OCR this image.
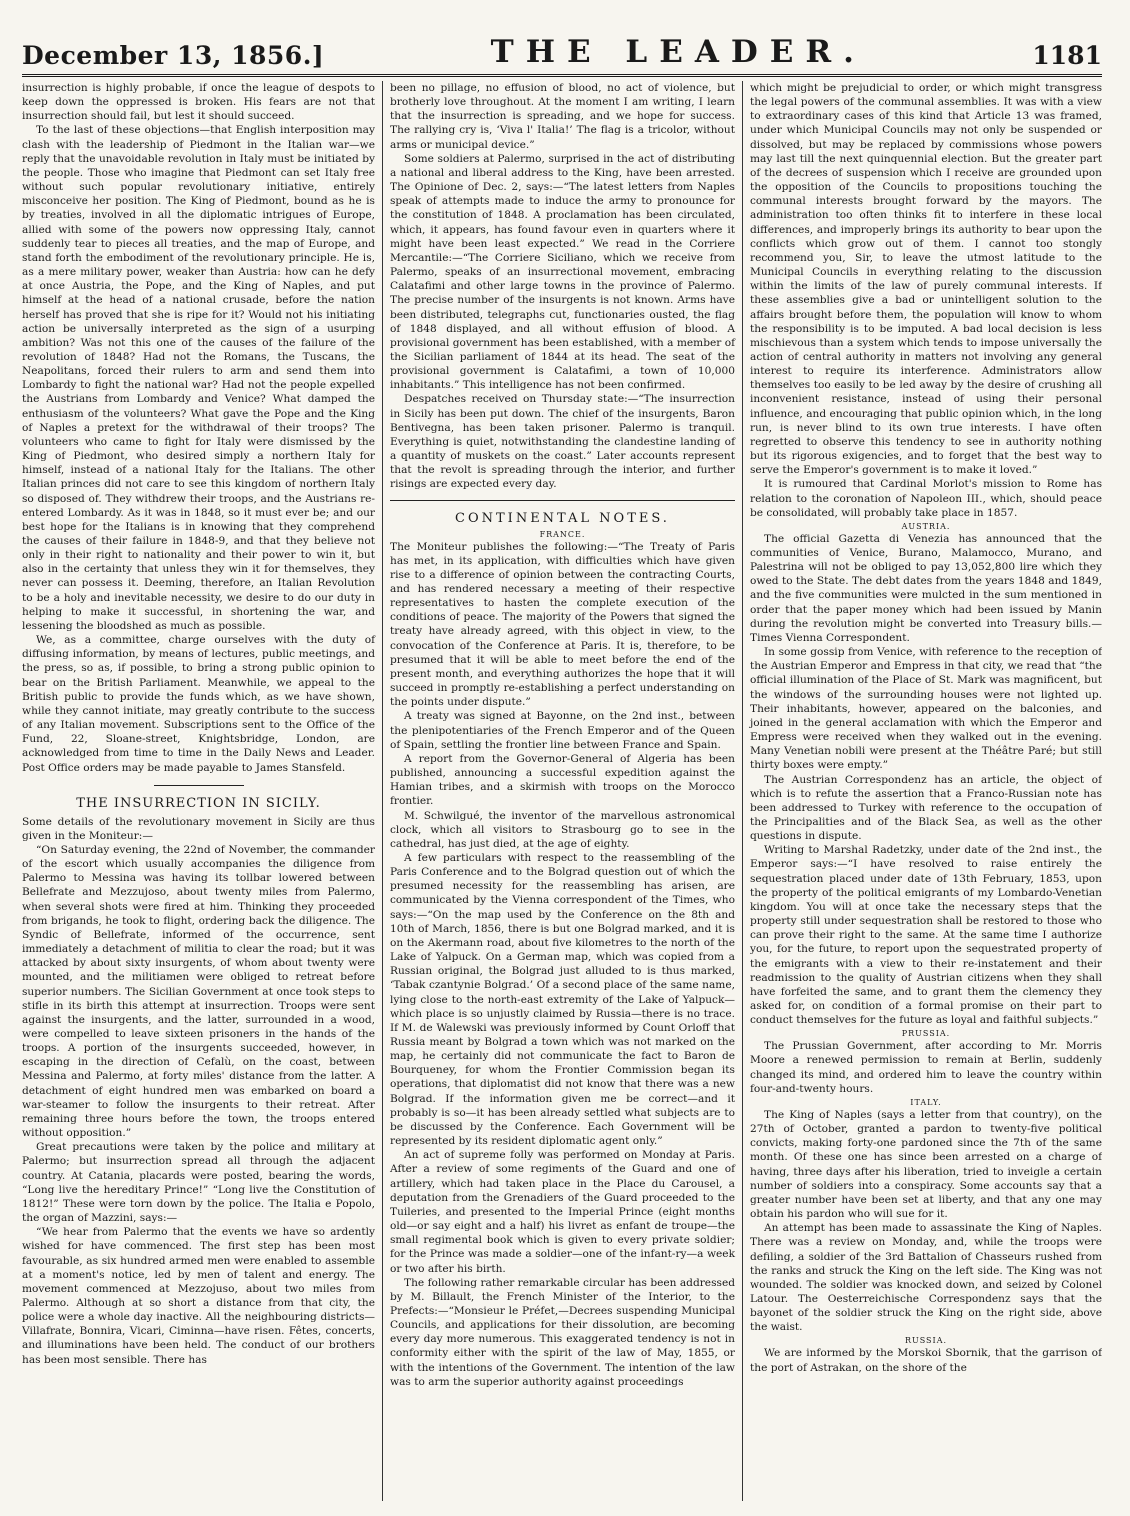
December 13, 1856.]	THE LEADER.	1181

insurrection is highly probable, if once the league of despots to keep down the oppressed is broken. His fears are not that insurrection should fail, but lest it should succeed.

To the last of these objections—that English interposition may clash with the leadership of Piedmont in the Italian war—we reply that the unavoidable revolution in Italy must be initiated by the people. Those who imagine that Piedmont can set Italy free without such popular revolutionary initiative, entirely misconceive her position. The King of Piedmont, bound as he is by treaties, involved in all the diplomatic intrigues of Europe, allied with some of the powers now oppressing Italy, cannot suddenly tear to pieces all treaties, and the map of Europe, and stand forth the embodiment of the revolutionary principle. He is, as a mere military power, weaker than Austria: how can he defy at once Austria, the Pope, and the King of Naples, and put himself at the head of a national crusade, before the nation herself has proved that she is ripe for it? Would not his initiating action be universally interpreted as the sign of a usurping ambition? Was not this one of the causes of the failure of the revolution of 1848? Had not the Romans, the Tuscans, the Neapolitans, forced their rulers to arm and send them into Lombardy to fight the national war? Had not the people expelled the Austrians from Lombardy and Venice? What damped the enthusiasm of the volunteers? What gave the Pope and the King of Naples a pretext for the withdrawal of their troops? The volunteers who came to fight for Italy were dismissed by the King of Piedmont, who desired simply a northern Italy for himself, instead of a national Italy for the Italians. The other Italian princes did not care to see this kingdom of northern Italy so disposed of. They withdrew their troops, and the Austrians re-entered Lombardy. As it was in 1848, so it must ever be; and our best hope for the Italians is in knowing that they comprehend the causes of their failure in 1848-9, and that they believe not only in their right to nationality and their power to win it, but also in the certainty that unless they win it for themselves, they never can possess it. Deeming, therefore, an Italian Revolution to be a holy and inevitable necessity, we desire to do our duty in helping to make it successful, in shortening the war, and lessening the bloodshed as much as possible.

We, as a committee, charge ourselves with the duty of diffusing information, by means of lectures, public meetings, and the press, so as, if possible, to bring a strong public opinion to bear on the British Parliament. Meanwhile, we appeal to the British public to provide the funds which, as we have shown, while they cannot initiate, may greatly contribute to the success of any Italian movement. Subscriptions sent to the Office of the Fund, 22, Sloane-street, Knightsbridge, London, are acknowledged from time to time in the Daily News and Leader. Post Office orders may be made payable to James Stansfeld.

THE INSURRECTION IN SICILY.

Some details of the revolutionary movement in Sicily are thus given in the Moniteur:—

“On Saturday evening, the 22nd of November, the commander of the escort which usually accompanies the diligence from Palermo to Messina was having its tollbar lowered between Bellefrate and Mezzujoso, about twenty miles from Palermo, when several shots were fired at him. Thinking they proceeded from brigands, he took to flight, ordering back the diligence. The Syndic of Bellefrate, informed of the occurrence, sent immediately a detachment of militia to clear the road; but it was attacked by about sixty insurgents, of whom about twenty were mounted, and the militiamen were obliged to retreat before superior numbers. The Sicilian Government at once took steps to stifle in its birth this attempt at insurrection. Troops were sent against the insurgents, and the latter, surrounded in a wood, were compelled to leave sixteen prisoners in the hands of the troops. A portion of the insurgents succeeded, however, in escaping in the direction of Cefalù, on the coast, between Messina and Palermo, at forty miles' distance from the latter. A detachment of eight hundred men was embarked on board a war-steamer to follow the insurgents to their retreat. After remaining three hours before the town, the troops entered without opposition.”

Great precautions were taken by the police and military at Palermo; but insurrection spread all through the adjacent country. At Catania, placards were posted, bearing the words, “Long live the hereditary Prince!” “Long live the Constitution of 1812!” These were torn down by the police. The Italia e Popolo, the organ of Mazzini, says:—

“We hear from Palermo that the events we have so ardently wished for have commenced. The first step has been most favourable, as six hundred armed men were enabled to assemble at a moment's notice, led by men of talent and energy. The movement commenced at Mezzojuso, about two miles from Palermo. Although at so short a distance from that city, the police were a whole day inactive. All the neighbouring districts—Villafrate, Bonnira, Vicari, Ciminna—have risen. Fêtes, concerts, and illuminations have been held. The conduct of our brothers has been most sensible. There has

been no pillage, no effusion of blood, no act of violence, but brotherly love throughout. At the moment I am writing, I learn that the insurrection is spreading, and we hope for success. The rallying cry is, ‘Viva l' Italia!’ The flag is a tricolor, without arms or municipal device.”

Some soldiers at Palermo, surprised in the act of distributing a national and liberal address to the King, have been arrested. The Opinione of Dec. 2, says:—“The latest letters from Naples speak of attempts made to induce the army to pronounce for the constitution of 1848. A proclamation has been circulated, which, it appears, has found favour even in quarters where it might have been least expected.” We read in the Corriere Mercantile:—“The Corriere Siciliano, which we receive from Palermo, speaks of an insurrectional movement, embracing Calatafimi and other large towns in the province of Palermo. The precise number of the insurgents is not known. Arms have been distributed, telegraphs cut, functionaries ousted, the flag of 1848 displayed, and all without effusion of blood. A provisional government has been established, with a member of the Sicilian parliament of 1844 at its head. The seat of the provisional government is Calatafimi, a town of 10,000 inhabitants.” This intelligence has not been confirmed.

Despatches received on Thursday state:—“The insurrection in Sicily has been put down. The chief of the insurgents, Baron Bentivegna, has been taken prisoner. Palermo is tranquil. Everything is quiet, notwithstanding the clandestine landing of a quantity of muskets on the coast.” Later accounts represent that the revolt is spreading through the interior, and further risings are expected every day.

CONTINENTAL NOTES.
FRANCE.

The Moniteur publishes the following:—“The Treaty of Paris has met, in its application, with difficulties which have given rise to a difference of opinion between the contracting Courts, and has rendered necessary a meeting of their respective representatives to hasten the complete execution of the conditions of peace. The majority of the Powers that signed the treaty have already agreed, with this object in view, to the convocation of the Conference at Paris. It is, therefore, to be presumed that it will be able to meet before the end of the present month, and everything authorizes the hope that it will succeed in promptly re-establishing a perfect understanding on the points under dispute.”

A treaty was signed at Bayonne, on the 2nd inst., between the plenipotentiaries of the French Emperor and of the Queen of Spain, settling the frontier line between France and Spain.

A report from the Governor-General of Algeria has been published, announcing a successful expedition against the Hamian tribes, and a skirmish with troops on the Morocco frontier.

M. Schwilgué, the inventor of the marvellous astronomical clock, which all visitors to Strasbourg go to see in the cathedral, has just died, at the age of eighty.

A few particulars with respect to the reassembling of the Paris Conference and to the Bolgrad question out of which the presumed necessity for the reassembling has arisen, are communicated by the Vienna correspondent of the Times, who says:—“On the map used by the Conference on the 8th and 10th of March, 1856, there is but one Bolgrad marked, and it is on the Akermann road, about five kilometres to the north of the Lake of Yalpuck. On a German map, which was copied from a Russian original, the Bolgrad just alluded to is thus marked, ‘Tabak czantynie Bolgrad.’ Of a second place of the same name, lying close to the north-east extremity of the Lake of Yalpuck—which place is so unjustly claimed by Russia—there is no trace. If M. de Walewski was previously informed by Count Orloff that Russia meant by Bolgrad a town which was not marked on the map, he certainly did not communicate the fact to Baron de Bourqueney, for whom the Frontier Commission began its operations, that diplomatist did not know that there was a new Bolgrad. If the information given me be correct—and it probably is so—it has been already settled what subjects are to be discussed by the Conference. Each Government will be represented by its resident diplomatic agent only.”

An act of supreme folly was performed on Monday at Paris. After a review of some regiments of the Guard and one of artillery, which had taken place in the Place du Carousel, a deputation from the Grenadiers of the Guard proceeded to the Tuileries, and presented to the Imperial Prince (eight months old—or say eight and a half) his livret as enfant de troupe—the small regimental book which is given to every private soldier; for the Prince was made a soldier—one of the infant-ry—a week or two after his birth.

The following rather remarkable circular has been addressed by M. Billault, the French Minister of the Interior, to the Prefects:—“Monsieur le Préfet,—Decrees suspending Municipal Councils, and applications for their dissolution, are becoming every day more numerous. This exaggerated tendency is not in conformity either with the spirit of the law of May, 1855, or with the intentions of the Government. The intention of the law was to arm the superior authority against proceedings

which might be prejudicial to order, or which might transgress the legal powers of the communal assemblies. It was with a view to extraordinary cases of this kind that Article 13 was framed, under which Municipal Councils may not only be suspended or dissolved, but may be replaced by commissions whose powers may last till the next quinquennial election. But the greater part of the decrees of suspension which I receive are grounded upon the opposition of the Councils to propositions touching the communal interests brought forward by the mayors. The administration too often thinks fit to interfere in these local differences, and improperly brings its authority to bear upon the conflicts which grow out of them. I cannot too stongly recommend you, Sir, to leave the utmost latitude to the Municipal Councils in everything relating to the discussion within the limits of the law of purely communal interests. If these assemblies give a bad or unintelligent solution to the affairs brought before them, the population will know to whom the responsibility is to be imputed. A bad local decision is less mischievous than a system which tends to impose universally the action of central authority in matters not involving any general interest to require its interference. Administrators allow themselves too easily to be led away by the desire of crushing all inconvenient resistance, instead of using their personal influence, and encouraging that public opinion which, in the long run, is never blind to its own true interests. I have often regretted to observe this tendency to see in authority nothing but its rigorous exigencies, and to forget that the best way to serve the Emperor's government is to make it loved.”

It is rumoured that Cardinal Morlot's mission to Rome has relation to the coronation of Napoleon III., which, should peace be consolidated, will probably take place in 1857.

AUSTRIA.

The official Gazetta di Venezia has announced that the communities of Venice, Burano, Malamocco, Murano, and Palestrina will not be obliged to pay 13,052,800 lire which they owed to the State. The debt dates from the years 1848 and 1849, and the five communities were mulcted in the sum mentioned in order that the paper money which had been issued by Manin during the revolution might be converted into Treasury bills.—Times Vienna Correspondent.

In some gossip from Venice, with reference to the reception of the Austrian Emperor and Empress in that city, we read that “the official illumination of the Place of St. Mark was magnificent, but the windows of the surrounding houses were not lighted up. Their inhabitants, however, appeared on the balconies, and joined in the general acclamation with which the Emperor and Empress were received when they walked out in the evening. Many Venetian nobili were present at the Théâtre Paré; but still thirty boxes were empty.”

The Austrian Correspondenz has an article, the object of which is to refute the assertion that a Franco-Russian note has been addressed to Turkey with reference to the occupation of the Principalities and of the Black Sea, as well as the other questions in dispute.

Writing to Marshal Radetzky, under date of the 2nd inst., the Emperor says:—“I have resolved to raise entirely the sequestration placed under date of 13th February, 1853, upon the property of the political emigrants of my Lombardo-Venetian kingdom. You will at once take the necessary steps that the property still under sequestration shall be restored to those who can prove their right to the same. At the same time I authorize you, for the future, to report upon the sequestrated property of the emigrants with a view to their re-instatement and their readmission to the quality of Austrian citizens when they shall have forfeited the same, and to grant them the clemency they asked for, on condition of a formal promise on their part to conduct themselves for the future as loyal and faithful subjects.”

PRUSSIA.

The Prussian Government, after according to Mr. Morris Moore a renewed permission to remain at Berlin, suddenly changed its mind, and ordered him to leave the country within four-and-twenty hours.

ITALY.

The King of Naples (says a letter from that country), on the 27th of October, granted a pardon to twenty-five political convicts, making forty-one pardoned since the 7th of the same month. Of these one has since been arrested on a charge of having, three days after his liberation, tried to inveigle a certain number of soldiers into a conspiracy. Some accounts say that a greater number have been set at liberty, and that any one may obtain his pardon who will sue for it.

An attempt has been made to assassinate the King of Naples. There was a review on Monday, and, while the troops were defiling, a soldier of the 3rd Battalion of Chasseurs rushed from the ranks and struck the King on the left side. The King was not wounded. The soldier was knocked down, and seized by Colonel Latour. The Oesterreichische Correspondenz says that the bayonet of the soldier struck the King on the right side, above the waist.

RUSSIA.

We are informed by the Morskoi Sbornik, that the garrison of the port of Astrakan, on the shore of the
